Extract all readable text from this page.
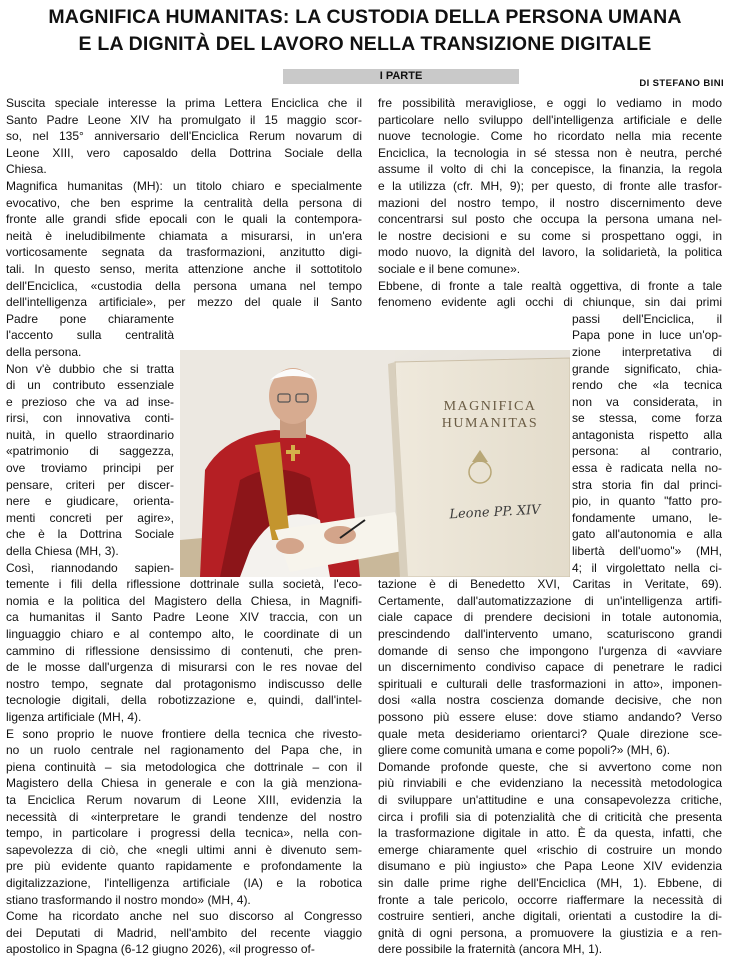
MAGNIFICA HUMANITAS: LA CUSTODIA DELLA PERSONA UMANA
E LA DIGNITÀ DEL LAVORO NELLA TRANSIZIONE DIGITALE
I PARTE
DI STEFANO BINI
Suscita speciale interesse la prima Lettera Enciclica che il
Santo Padre Leone XIV ha promulgato il 15 maggio scor-
so, nel 135° anniversario dell'Enciclica Rerum novarum di
Leone XIII, vero caposaldo della Dottrina Sociale della
Chiesa.
Magnifica humanitas (MH): un titolo chiaro e specialmente
evocativo, che ben esprime la centralità della persona di
fronte alle grandi sfide epocali con le quali la contempora-
neità è ineludibilmente chiamata a misurarsi, in un'era
vorticosamente segnata da trasformazioni, anzitutto digi-
tali. In questo senso, merita attenzione anche il sottotitolo
dell'Enciclica, «custodia della persona umana nel tempo
dell'intelligenza artificiale», per mezzo del quale il Santo
Padre pone chiaramente
l'accento sulla centralità
della persona.
Non v'è dubbio che si tratta
di un contributo essenziale
e prezioso che va ad inse-
rirsi, con innovativa conti-
nuità, in quello straordinario
«patrimonio di saggezza,
ove troviamo principi per
pensare, criteri per discer-
nere e giudicare, orienta-
menti concreti per agire»,
che è la Dottrina Sociale
della Chiesa (MH, 3).
Così, riannodando sapien-
temente i fili della riflessione dottrinale sulla società, l'eco-
nomia e la politica del Magistero della Chiesa, in Magnifi-
ca humanitas il Santo Padre Leone XIV traccia, con un
linguaggio chiaro e al contempo alto, le coordinate di un
cammino di riflessione densissimo di contenuti, che pren-
de le mosse dall'urgenza di misurarsi con le res novae del
nostro tempo, segnate dal protagonismo indiscusso delle
tecnologie digitali, della robotizzazione e, quindi, dall'intel-
ligenza artificiale (MH, 4).
E sono proprio le nuove frontiere della tecnica che rivesto-
no un ruolo centrale nel ragionamento del Papa che, in
piena continuità – sia metodologica che dottrinale – con il
Magistero della Chiesa in generale e con la già menziona-
ta Enciclica Rerum novarum di Leone XIII, evidenzia la
necessità di «interpretare le grandi tendenze del nostro
tempo, in particolare i progressi della tecnica», nella con-
sapevolezza di ciò, che «negli ultimi anni è divenuto sem-
pre più evidente quanto rapidamente e profondamente la
digitalizzazione, l'intelligenza artificiale (IA) e la robotica
stiano trasformando il nostro mondo» (MH, 4).
Come ha ricordato anche nel suo discorso al Congresso
dei Deputati di Madrid, nell'ambito del recente viaggio
apostolico in Spagna (6-12 giugno 2026), «il progresso of-
fre possibilità meravigliose, e oggi lo vediamo in modo
particolare nello sviluppo dell'intelligenza artificiale e delle
nuove tecnologie. Come ho ricordato nella mia recente
Enciclica, la tecnologia in sé stessa non è neutra, perché
assume il volto di chi la concepisce, la finanzia, la regola
e la utilizza (cfr. MH, 9); per questo, di fronte alle trasfor-
mazioni del nostro tempo, il nostro discernimento deve
concentrarsi sul posto che occupa la persona umana nel-
le nostre decisioni e su come si prospettano oggi, in
modo nuovo, la dignità del lavoro, la solidarietà, la politica
sociale e il bene comune».
Ebbene, di fronte a tale realtà oggettiva, di fronte a tale
fenomeno evidente agli occhi di chiunque, sin dai primi
passi dell'Enciclica, il
Papa pone in luce un'op-
zione interpretativa di
grande significato, chia-
rendo che «la tecnica
non va considerata, in
se stessa, come forza
antagonista rispetto alla
persona: al contrario,
essa è radicata nella no-
stra storia fin dal princi-
pio, in quanto "fatto pro-
fondamente umano, le-
gato all'autonomia e alla
libertà dell'uomo"» (MH,
4; il virgolettato nella ci-
tazione è di Benedetto XVI, Caritas in Veritate, 69).
Certamente, dall'automatizzazione di un'intelligenza artifi-
ciale capace di prendere decisioni in totale autonomia,
prescindendo dall'intervento umano, scaturiscono grandi
domande di senso che impongono l'urgenza di «avviare
un discernimento condiviso capace di penetrare le radici
spirituali e culturali delle trasformazioni in atto», imponen-
dosi «alla nostra coscienza domande decisive, che non
possono più essere eluse: dove stiamo andando? Verso
quale meta desideriamo orientarci? Quale direzione sce-
gliere come comunità umana e come popoli?» (MH, 6).
Domande profonde queste, che si avvertono come non
più rinviabili e che evidenziano la necessità metodologica
di sviluppare un'attitudine e una consapevolezza critiche,
circa i profili sia di potenzialità che di criticità che presenta
la trasformazione digitale in atto. È da questa, infatti, che
emerge chiaramente quel «rischio di costruire un mondo
disumano e più ingiusto» che Papa Leone XIV evidenzia
sin dalle prime righe dell'Enciclica (MH, 1). Ebbene, di
fronte a tale pericolo, occorre riaffermare la necessità di
costruire sentieri, anche digitali, orientati a custodire la di-
gnità di ogni persona, a promuovere la giustizia e a ren-
dere possibile la fraternità (ancora MH, 1).
MAGNIFICA
HUMANITAS
Leone PP. XIV
